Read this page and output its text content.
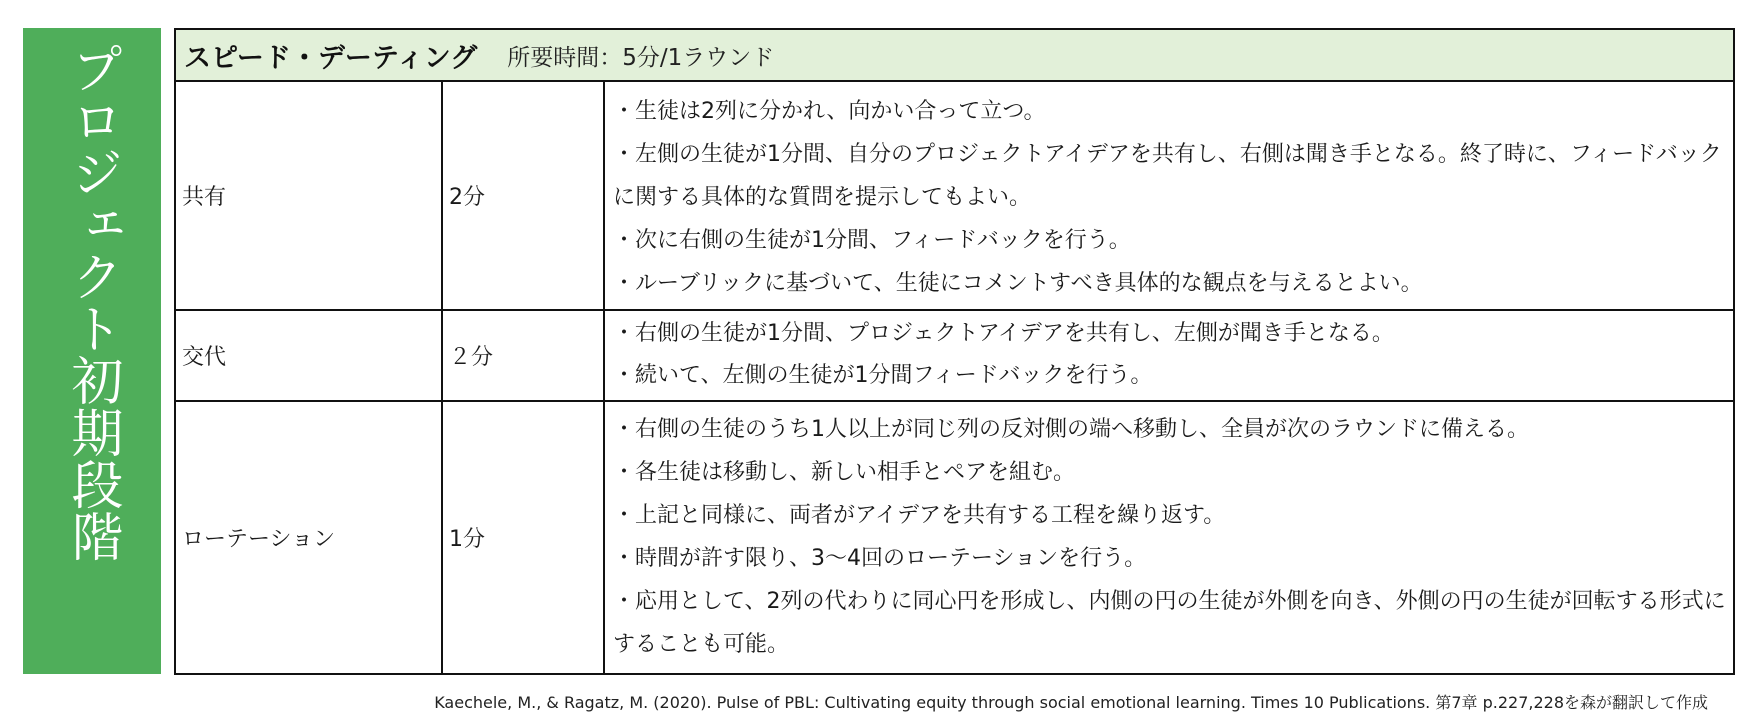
プロジェクト初期段階 スピード・デーティング 所要時間：5分/1ラウンド
共有	2分
・生徒は2列に分かれ、向かい合って立つ。
・左側の生徒が1分間、自分のプロジェクトアイデアを共有し、右側は聞き手となる。終了時に、フィードバックに関する具体的な質問を提示してもよい。
・次に右側の生徒が1分間、フィードバックを行う。
・ルーブリックに基づいて、生徒にコメントすべき具体的な観点を与えるとよい。
交代	２分
・右側の生徒が1分間、プロジェクトアイデアを共有し、左側が聞き手となる。
・続いて、左側の生徒が1分間フィードバックを行う。
ローテーション	1分
・右側の生徒のうち1人以上が同じ列の反対側の端へ移動し、全員が次のラウンドに備える。
・各生徒は移動し、新しい相手とペアを組む。
・上記と同様に、両者がアイデアを共有する工程を繰り返す。
・時間が許す限り、3〜4回のローテーションを行う。
・応用として、2列の代わりに同心円を形成し、内側の円の生徒が外側を向き、外側の円の生徒が回転する形式にすることも可能。
Kaechele, M., & Ragatz, M. (2020). Pulse of PBL: Cultivating equity through social emotional learning. Times 10 Publications. 第7章 p.227,228を森が翻訳して作成
